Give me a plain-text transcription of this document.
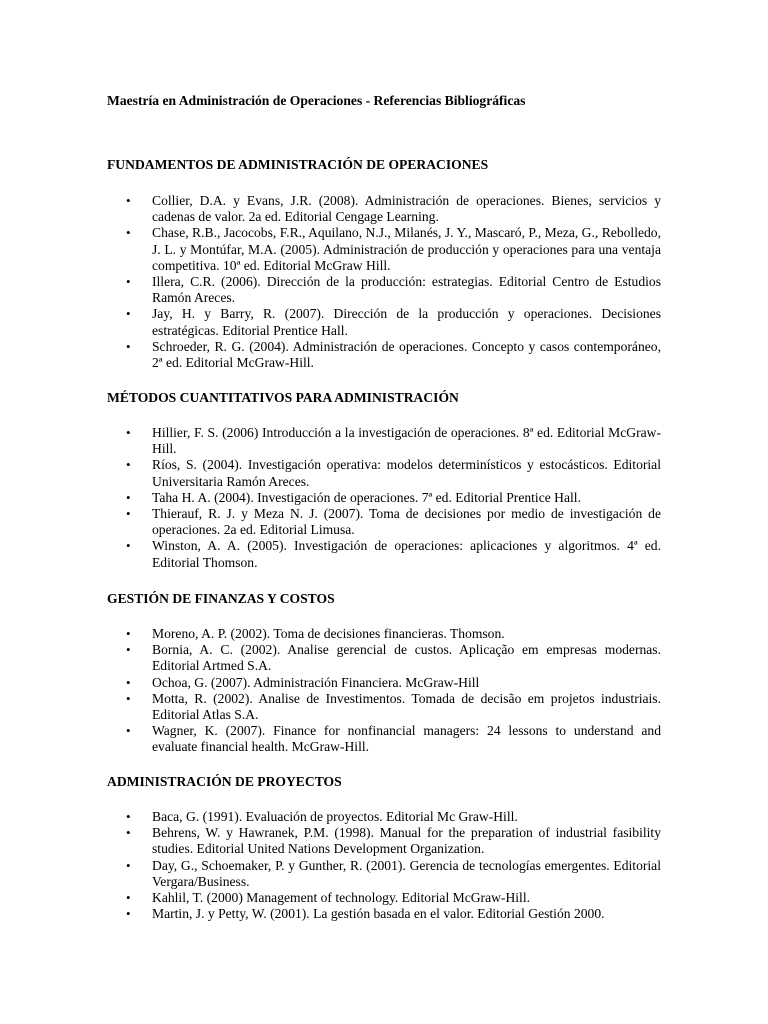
Maestría en Administración de Operaciones - Referencias Bibliográficas
FUNDAMENTOS DE ADMINISTRACIÓN DE OPERACIONES
• Collier, D.A. y Evans, J.R. (2008). Administración de operaciones. Bienes, servicios y cadenas de valor. 2a ed. Editorial Cengage Learning.
• Chase, R.B., Jacocobs, F.R., Aquilano, N.J., Milanés, J. Y., Mascaró, P., Meza, G., Rebolledo, J. L. y Montúfar, M.A. (2005). Administración de producción y operaciones para una ventaja competitiva. 10ª ed. Editorial McGraw Hill.
• Illera, C.R. (2006). Dirección de la producción: estrategias. Editorial Centro de Estudios Ramón Areces.
• Jay, H. y Barry, R. (2007). Dirección de la producción y operaciones. Decisiones estratégicas. Editorial Prentice Hall.
• Schroeder, R. G. (2004). Administración de operaciones. Concepto y casos contemporáneo, 2ª ed. Editorial McGraw-Hill.
MÉTODOS CUANTITATIVOS PARA ADMINISTRACIÓN
• Hillier, F. S. (2006) Introducción a la investigación de operaciones. 8ª ed. Editorial McGraw-Hill.
• Ríos, S. (2004). Investigación operativa: modelos determinísticos y estocásticos. Editorial Universitaria Ramón Areces.
• Taha H. A. (2004). Investigación de operaciones. 7ª ed. Editorial Prentice Hall.
• Thierauf, R. J. y Meza N. J. (2007). Toma de decisiones por medio de investigación de operaciones. 2a ed. Editorial Limusa.
• Winston, A. A. (2005). Investigación de operaciones: aplicaciones y algoritmos. 4ª ed. Editorial Thomson.
GESTIÓN DE FINANZAS Y COSTOS
• Moreno, A. P. (2002). Toma de decisiones financieras. Thomson.
• Bornia, A. C. (2002). Analise gerencial de custos. Aplicação em empresas modernas. Editorial Artmed S.A.
• Ochoa, G. (2007). Administración Financiera. McGraw-Hill
• Motta, R. (2002). Analise de Investimentos. Tomada de decisão em projetos industriais. Editorial Atlas S.A.
• Wagner, K. (2007). Finance for nonfinancial managers: 24 lessons to understand and evaluate financial health. McGraw-Hill.
ADMINISTRACIÓN DE PROYECTOS
• Baca, G. (1991). Evaluación de proyectos. Editorial Mc Graw-Hill.
• Behrens, W. y Hawranek, P.M. (1998). Manual for the preparation of industrial fasibility studies. Editorial United Nations Development Organization.
• Day, G., Schoemaker, P. y Gunther, R. (2001). Gerencia de tecnologías emergentes. Editorial Vergara/Business.
• Kahlil, T. (2000) Management of technology. Editorial McGraw-Hill.
• Martin, J. y Petty, W. (2001). La gestión basada en el valor. Editorial Gestión 2000.
